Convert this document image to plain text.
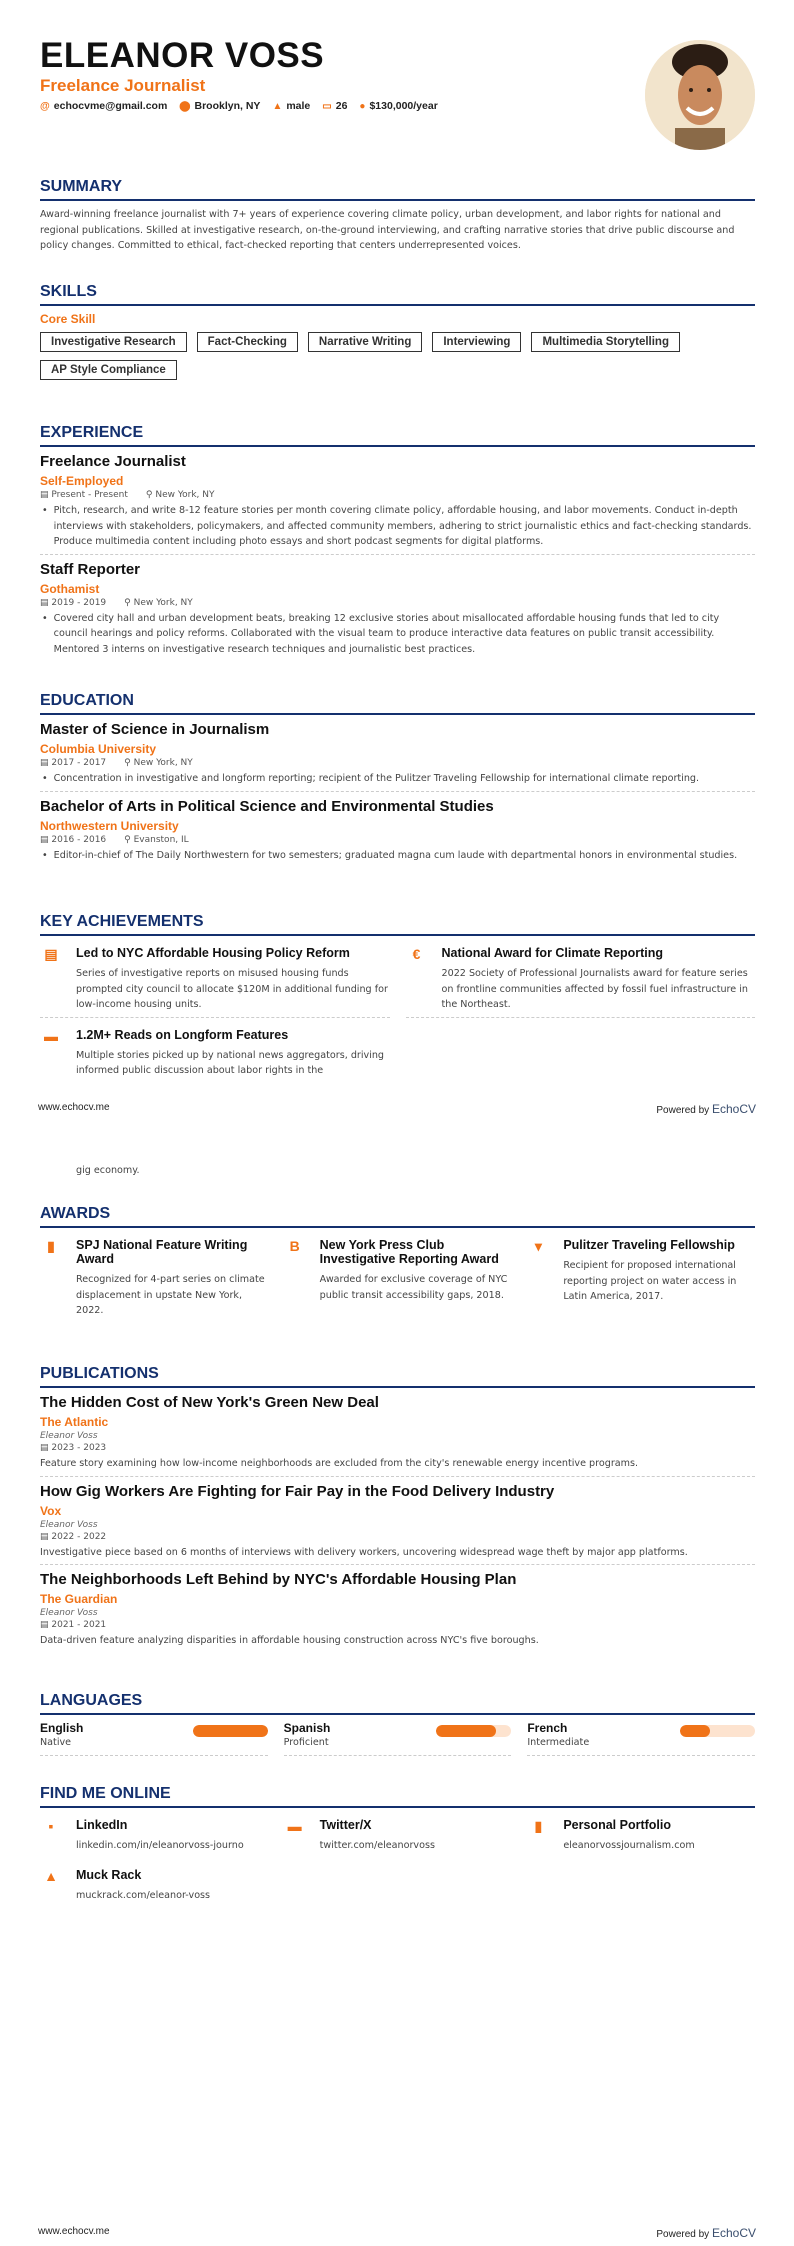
ELEANOR VOSS
Freelance Journalist
@ echocvme@gmail.com ⬤ Brooklyn, NY ▲ male ▭ 26 ● $130,000/year
SUMMARY

Award-winning freelance journalist with 7+ years of experience covering climate policy, urban development, and labor rights for national and regional publications. Skilled at investigative research, on-the-ground interviewing, and crafting narrative stories that drive public discourse and policy changes. Committed to ethical, fact-checked reporting that centers underrepresented voices.

SKILLS
Core Skill
Investigative Research	Fact-Checking	Narrative Writing	Interviewing	Multimedia Storytelling
AP Style Compliance
EXPERIENCE
Freelance Journalist
Self-Employed
▤ Present - Present ⚲ New York, NY
• Pitch, research, and write 8-12 feature stories per month covering climate policy, affordable housing, and labor movements. Conduct in-depth interviews with stakeholders, policymakers, and affected community members, adhering to strict journalistic ethics and fact-checking standards. Produce multimedia content including photo essays and short podcast segments for digital platforms.
Staff Reporter
Gothamist
▤ 2019 - 2019 ⚲ New York, NY
• Covered city hall and urban development beats, breaking 12 exclusive stories about misallocated affordable housing funds that led to city council hearings and policy reforms. Collaborated with the visual team to produce interactive data features on public transit accessibility. Mentored 3 interns on investigative research techniques and journalistic best practices.
EDUCATION
Master of Science in Journalism
Columbia University
▤ 2017 - 2017 ⚲ New York, NY
• Concentration in investigative and longform reporting; recipient of the Pulitzer Traveling Fellowship for international climate reporting.
Bachelor of Arts in Political Science and Environmental Studies
Northwestern University
▤ 2016 - 2016 ⚲ Evanston, IL
• Editor-in-chief of The Daily Northwestern for two semesters; graduated magna cum laude with departmental honors in environmental studies.
KEY ACHIEVEMENTS
▤	Led to NYC Affordable Housing Policy Reform
Series of investigative reports on misused housing funds prompted city council to allocate $120M in additional funding for low-income housing units.
€	National Award for Climate Reporting
2022 Society of Professional Journalists award for feature series on frontline communities affected by fossil fuel infrastructure in the Northeast.
▬	1.2M+ Reads on Longform Features
Multiple stories picked up by national news aggregators, driving informed public discussion about labor rights in the
www.echocv.me	Powered by EchoCV
gig economy.
AWARDS
▮	SPJ National Feature Writing Award
Recognized for 4-part series on climate displacement in upstate New York, 2022.
B	New York Press Club Investigative Reporting Award
Awarded for exclusive coverage of NYC public transit accessibility gaps, 2018.
▾	Pulitzer Traveling Fellowship
Recipient for proposed international reporting project on water access in Latin America, 2017.
PUBLICATIONS
The Hidden Cost of New York's Green New Deal
The Atlantic
Eleanor Voss
▤ 2023 - 2023
Feature story examining how low-income neighborhoods are excluded from the city's renewable energy incentive programs.
How Gig Workers Are Fighting for Fair Pay in the Food Delivery Industry
Vox
Eleanor Voss
▤ 2022 - 2022
Investigative piece based on 6 months of interviews with delivery workers, uncovering widespread wage theft by major app platforms.
The Neighborhoods Left Behind by NYC's Affordable Housing Plan
The Guardian
Eleanor Voss
▤ 2021 - 2021
Data-driven feature analyzing disparities in affordable housing construction across NYC's five boroughs.
LANGUAGES
English
Native
Spanish
Proficient
French
Intermediate
FIND ME ONLINE
▪	LinkedIn
linkedin.com/in/eleanorvoss-journo
▬	Twitter/X
twitter.com/eleanorvoss
▮	Personal Portfolio
eleanorvossjournalism.com
▲	Muck Rack
muckrack.com/eleanor-voss
www.echocv.me	Powered by EchoCV
